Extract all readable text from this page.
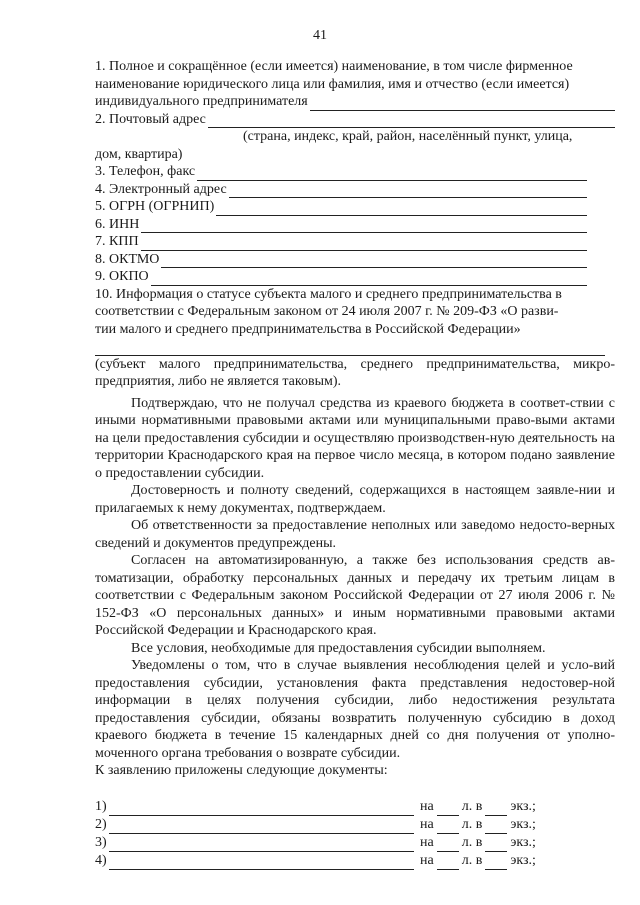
41
1. Полное и сокращённое (если имеется) наименование, в том числе фирменное
наименование юридического лица или фамилия, имя и отчество (если имеется)
индивидуального предпринимателя
2. Почтовый адрес
(страна, индекс, край, район, населённый пункт, улица,
дом, квартира)
3. Телефон, факс
4. Электронный адрес
5. ОГРН (ОГРНИП)
6. ИНН
7. КПП
8. ОКТМО
9. ОКПО
10. Информация о статусе субъекта малого и среднего предпринимательства в
соответствии с Федеральным законом от 24 июля 2007 г. № 209-ФЗ «О разви-
тии малого и среднего предпринимательства в Российской Федерации»

(субъект малого предпринимательства, среднего предпринимательства, микро-предприятия, либо не является таковым).

Подтверждаю, что не получал средства из краевого бюджета в соответ-ствии с иными нормативными правовыми актами или муниципальными право-выми актами на цели предоставления субсидии и осуществляю производствен-ную деятельность на территории Краснодарского края на первое число месяца, в котором подано заявление о предоставлении субсидии.

Достоверность и полноту сведений, содержащихся в настоящем заявле-нии и прилагаемых к нему документах, подтверждаем.

Об ответственности за предоставление неполных или заведомо недосто-верных сведений и документов предупреждены.

Согласен на автоматизированную, а также без использования средств ав-томатизации, обработку персональных данных и передачу их третьим лицам в соответствии с Федеральным законом Российской Федерации от 27 июля 2006 г. № 152-ФЗ «О персональных данных» и иным нормативными правовыми актами Российской Федерации и Краснодарского края.

Все условия, необходимые для предоставления субсидии выполняем.

Уведомлены о том, что в случае выявления несоблюдения целей и усло-вий предоставления субсидии, установления факта представления недостовер-ной информации в целях получения субсидии, либо недостижения результата предоставления субсидии, обязаны возвратить полученную субсидию в доход краевого бюджета в течение 15 календарных дней со дня получения от уполно-моченного органа требования о возврате субсидии.

К заявлению приложены следующие документы:

1)	на л. в экз.;
2)	на л. в экз.;
3)	на л. в экз.;
4)	на л. в экз.;
